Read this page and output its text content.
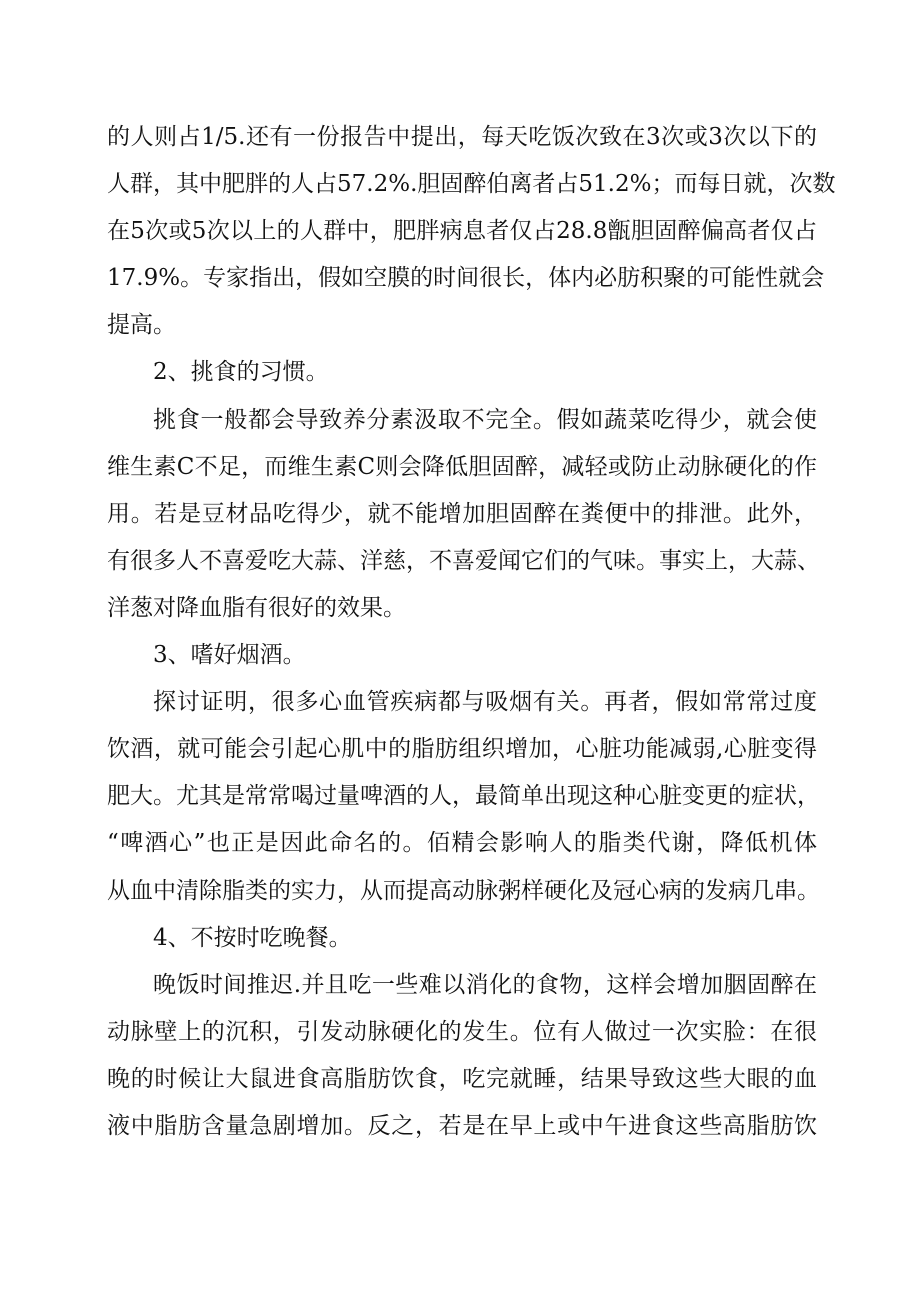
的人则占1/5.还有一份报告中提出，每天吃饭次致在3次或3次以下的
人群，其中肥胖的人占57.2%.胆固醉伯离者占51.2%；而每日就，次数
在5次或5次以上的人群中，肥胖病息者仅占28.8甑胆固醉偏高者仅占
17.9%。专家指出，假如空膜的时间很长，体内必肪积聚的可能性就会
提高。
2、挑食的习惯。
挑食一般都会导致养分素汲取不完全。假如蔬菜吃得少，就会使
维生素C不足，而维生素C则会降低胆固醉，减轻或防止动脉硬化的作
用。若是豆材品吃得少，就不能增加胆固醉在粪便中的排泄。此外，
有很多人不喜爱吃大蒜、洋慈，不喜爱闻它们的气味。事实上，大蒜、
洋葱对降血脂有很好的效果。
3、嗜好烟酒。
探讨证明，很多心血管疾病都与吸烟有关。再者，假如常常过度
饮酒，就可能会引起心肌中的脂肪组织增加，心脏功能减弱,心脏变得
肥大。尤其是常常喝过量啤酒的人，最简单出现这种心脏变更的症状，
“啤酒心”也正是因此命名的。佰精会影响人的脂类代谢，降低机体
从血中清除脂类的实力，从而提高动脉粥样硬化及冠心病的发病几串。
4、不按时吃晚餐。
晚饭时间推迟.并且吃一些难以消化的食物，这样会增加胭固醉在
动脉壁上的沉积，引发动脉硬化的发生。位有人做过一次实脸：在很
晚的时候让大鼠进食高脂肪饮食，吃完就睡，结果导致这些大眼的血
液中脂肪含量急剧增加。反之，若是在早上或中午进食这些高脂肪饮
